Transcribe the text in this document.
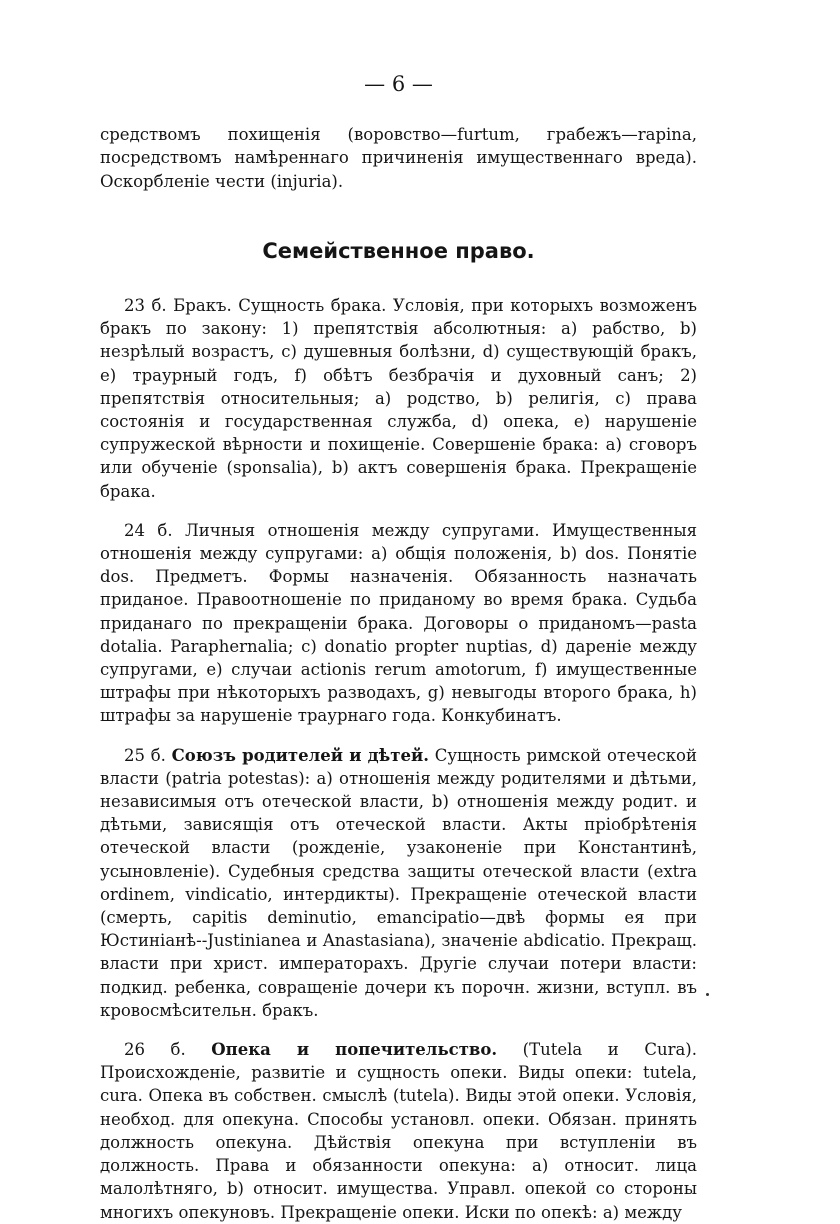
— 6 —

средствомъ похищенія (воровство—furtum, грабежъ—rapina, посредствомъ намѣреннаго причиненія имущественнаго вреда). Оскорбленіе чести (injuria).

Семейственное право.

23 б. Бракъ. Сущность брака. Условія, при которыхъ возможенъ бракъ по закону: 1) препятствія абсолютныя: а) рабство, b) незрѣлый возрастъ, с) душевныя болѣзни, d) существующій бракъ, е) траурный годъ, f) обѣтъ безбрачія и духовный санъ; 2) препятствія относительныя; а) родство, b) религія, с) права состоянія и государственная служба, d) опека, е) нарушеніе супружеской вѣрности и похищеніе. Совершеніе брака: а) сговоръ или обученіе (sponsalia), b) актъ совершенія брака. Прекращеніе брака.

24 б. Личныя отношенія между супругами. Имущественныя отношенія между супругами: а) общія положенія, b) dos. Понятіе dos. Предметъ. Формы назначенія. Обязанность назначать приданое. Правоотношеніе по приданому во время брака. Судьба приданаго по прекращеніи брака. Договоры о приданомъ—pasta dotalia. Paraphernalia; с) donatio propter nuptias, d) дареніе между супругами, е) случаи actionis rerum amotorum, f) имущественные штрафы при нѣкоторыхъ разводахъ, g) невыгоды второго брака, h) штрафы за нарушеніе траурнаго года. Конкубинатъ.

25 б. Союзъ родителей и дѣтей. Сущность римской отеческой власти (patria potestas): а) отношенія между родителями и дѣтьми, независимыя отъ отеческой власти, b) отношенія между родит. и дѣтьми, зависящія отъ отеческой власти. Акты пріобрѣтенія отеческой власти (рожденіе, узаконеніе при Константинѣ, усыновленіе). Судебныя средства защиты отеческой власти (extra ordinem, vindicatio, интердикты). Прекращеніе отеческой власти (смерть, capitis deminutio, emancipatio—двѣ формы ея при Юстиніанѣ--Justinianea и Anastasiana), значеніе abdicatio. Прекращ. власти при христ. императорахъ. Другіе случаи потери власти: подкид. ребенка, совращеніе дочери къ порочн. жизни, вступл. въ кровосмѣсительн. бракъ.

26 б. Опека и попечительство. (Tutela и Cura). Происхожденіе, развитіе и сущность опеки. Виды опеки: tutela, cura. Опека въ собствен. смыслѣ (tutela). Виды этой опеки. Условія, необход. для опекуна. Способы установл. опеки. Обязан. принять должность опекуна. Дѣйствія опекуна при вступленіи въ должность. Права и обязанности опекуна: а) относит. лица малолѣтняго, b) относит. имущества. Управл. опекой со стороны многихъ опекуновъ. Прекращеніе опеки. Иски по опекѣ: а) между
